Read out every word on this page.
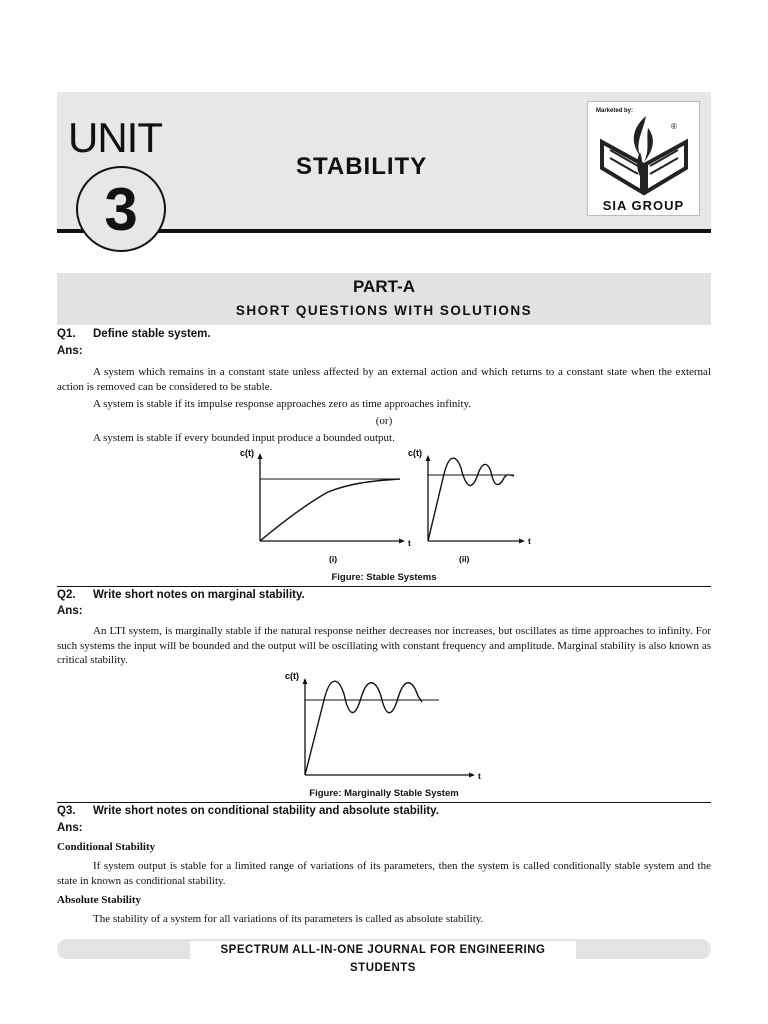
UNIT
3
STABILITY
Marketed by:
®
SIA GROUP
PART-A
SHORT QUESTIONS WITH SOLUTIONS
Q1. Define stable system.
Ans:
A system which remains in a constant state unless affected by an external action and which returns to a constant state when the external action is removed can be considered to be stable.
A system is stable if its impulse response approaches zero as time approaches infinity.
(or)
A system is stable if every bounded input produce a bounded output.
c(t)
t
(i)
c(t)
t
(ii)
Figure: Stable Systems
Q2. Write short notes on marginal stability.
Ans:
An LTI system, is marginally stable if the natural response neither decreases nor increases, but oscillates as time approaches to infinity. For such systems the input will be bounded and the output will be oscillating with constant frequency and amplitude. Marginal stability is also known as critical stability.
c(t)
t
Figure: Marginally Stable System
Q3. Write short notes on conditional stability and absolute stability.
Ans:
Conditional Stability
If system output is stable for a limited range of variations of its parameters, then the system is called conditionally stable system and the state in known as conditional stability.
Absolute Stability
The stability of a system for all variations of its parameters is called as absolute stability.
SPECTRUM ALL-IN-ONE JOURNAL FOR ENGINEERING STUDENTS
